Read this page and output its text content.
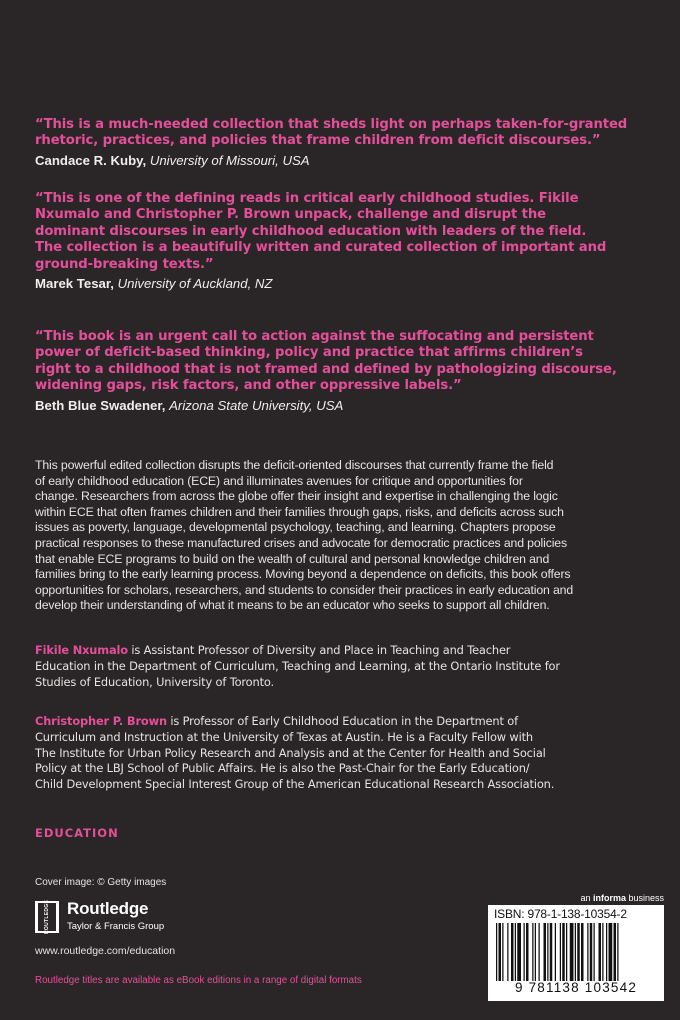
“This is a much-needed collection that sheds light on perhaps taken-for-granted
rhetoric, practices, and policies that frame children from deficit discourses.”

Candace R. Kuby, University of Missouri, USA

“This is one of the defining reads in critical early childhood studies. Fikile
Nxumalo and Christopher P. Brown unpack, challenge and disrupt the
dominant discourses in early childhood education with leaders of the field.
The collection is a beautifully written and curated collection of important and
ground-breaking texts.”

Marek Tesar, University of Auckland, NZ

“This book is an urgent call to action against the suffocating and persistent
power of deficit-based thinking, policy and practice that affirms children’s
right to a childhood that is not framed and defined by pathologizing discourse,
widening gaps, risk factors, and other oppressive labels.”

Beth Blue Swadener, Arizona State University, USA

This powerful edited collection disrupts the deficit-oriented discourses that currently frame the field
of early childhood education (ECE) and illuminates avenues for critique and opportunities for
change. Researchers from across the globe offer their insight and expertise in challenging the logic
within ECE that often frames children and their families through gaps, risks, and deficits across such
issues as poverty, language, developmental psychology, teaching, and learning. Chapters propose
practical responses to these manufactured crises and advocate for democratic practices and policies
that enable ECE programs to build on the wealth of cultural and personal knowledge children and
families bring to the early learning process. Moving beyond a dependence on deficits, this book offers
opportunities for scholars, researchers, and students to consider their practices in early education and
develop their understanding of what it means to be an educator who seeks to support all children.

Fikile Nxumalo is Assistant Professor of Diversity and Place in Teaching and Teacher
Education in the Department of Curriculum, Teaching and Learning, at the Ontario Institute for
Studies of Education, University of Toronto.

Christopher P. Brown is Professor of Early Childhood Education in the Department of
Curriculum and Instruction at the University of Texas at Austin. He is a Faculty Fellow with
The Institute for Urban Policy Research and Analysis and at the Center for Health and Social
Policy at the LBJ School of Public Affairs. He is also the Past-Chair for the Early Education/
Child Development Special Interest Group of the American Educational Research Association.

EDUCATION
Cover image: © Getty images
ROUTLEDGE	Routledge
Taylor & Francis Group
www.routledge.com/education
Routledge titles are available as eBook editions in a range of digital formats
an informa business
ISBN: 978-1-138-10354-2
9 781138 103542
